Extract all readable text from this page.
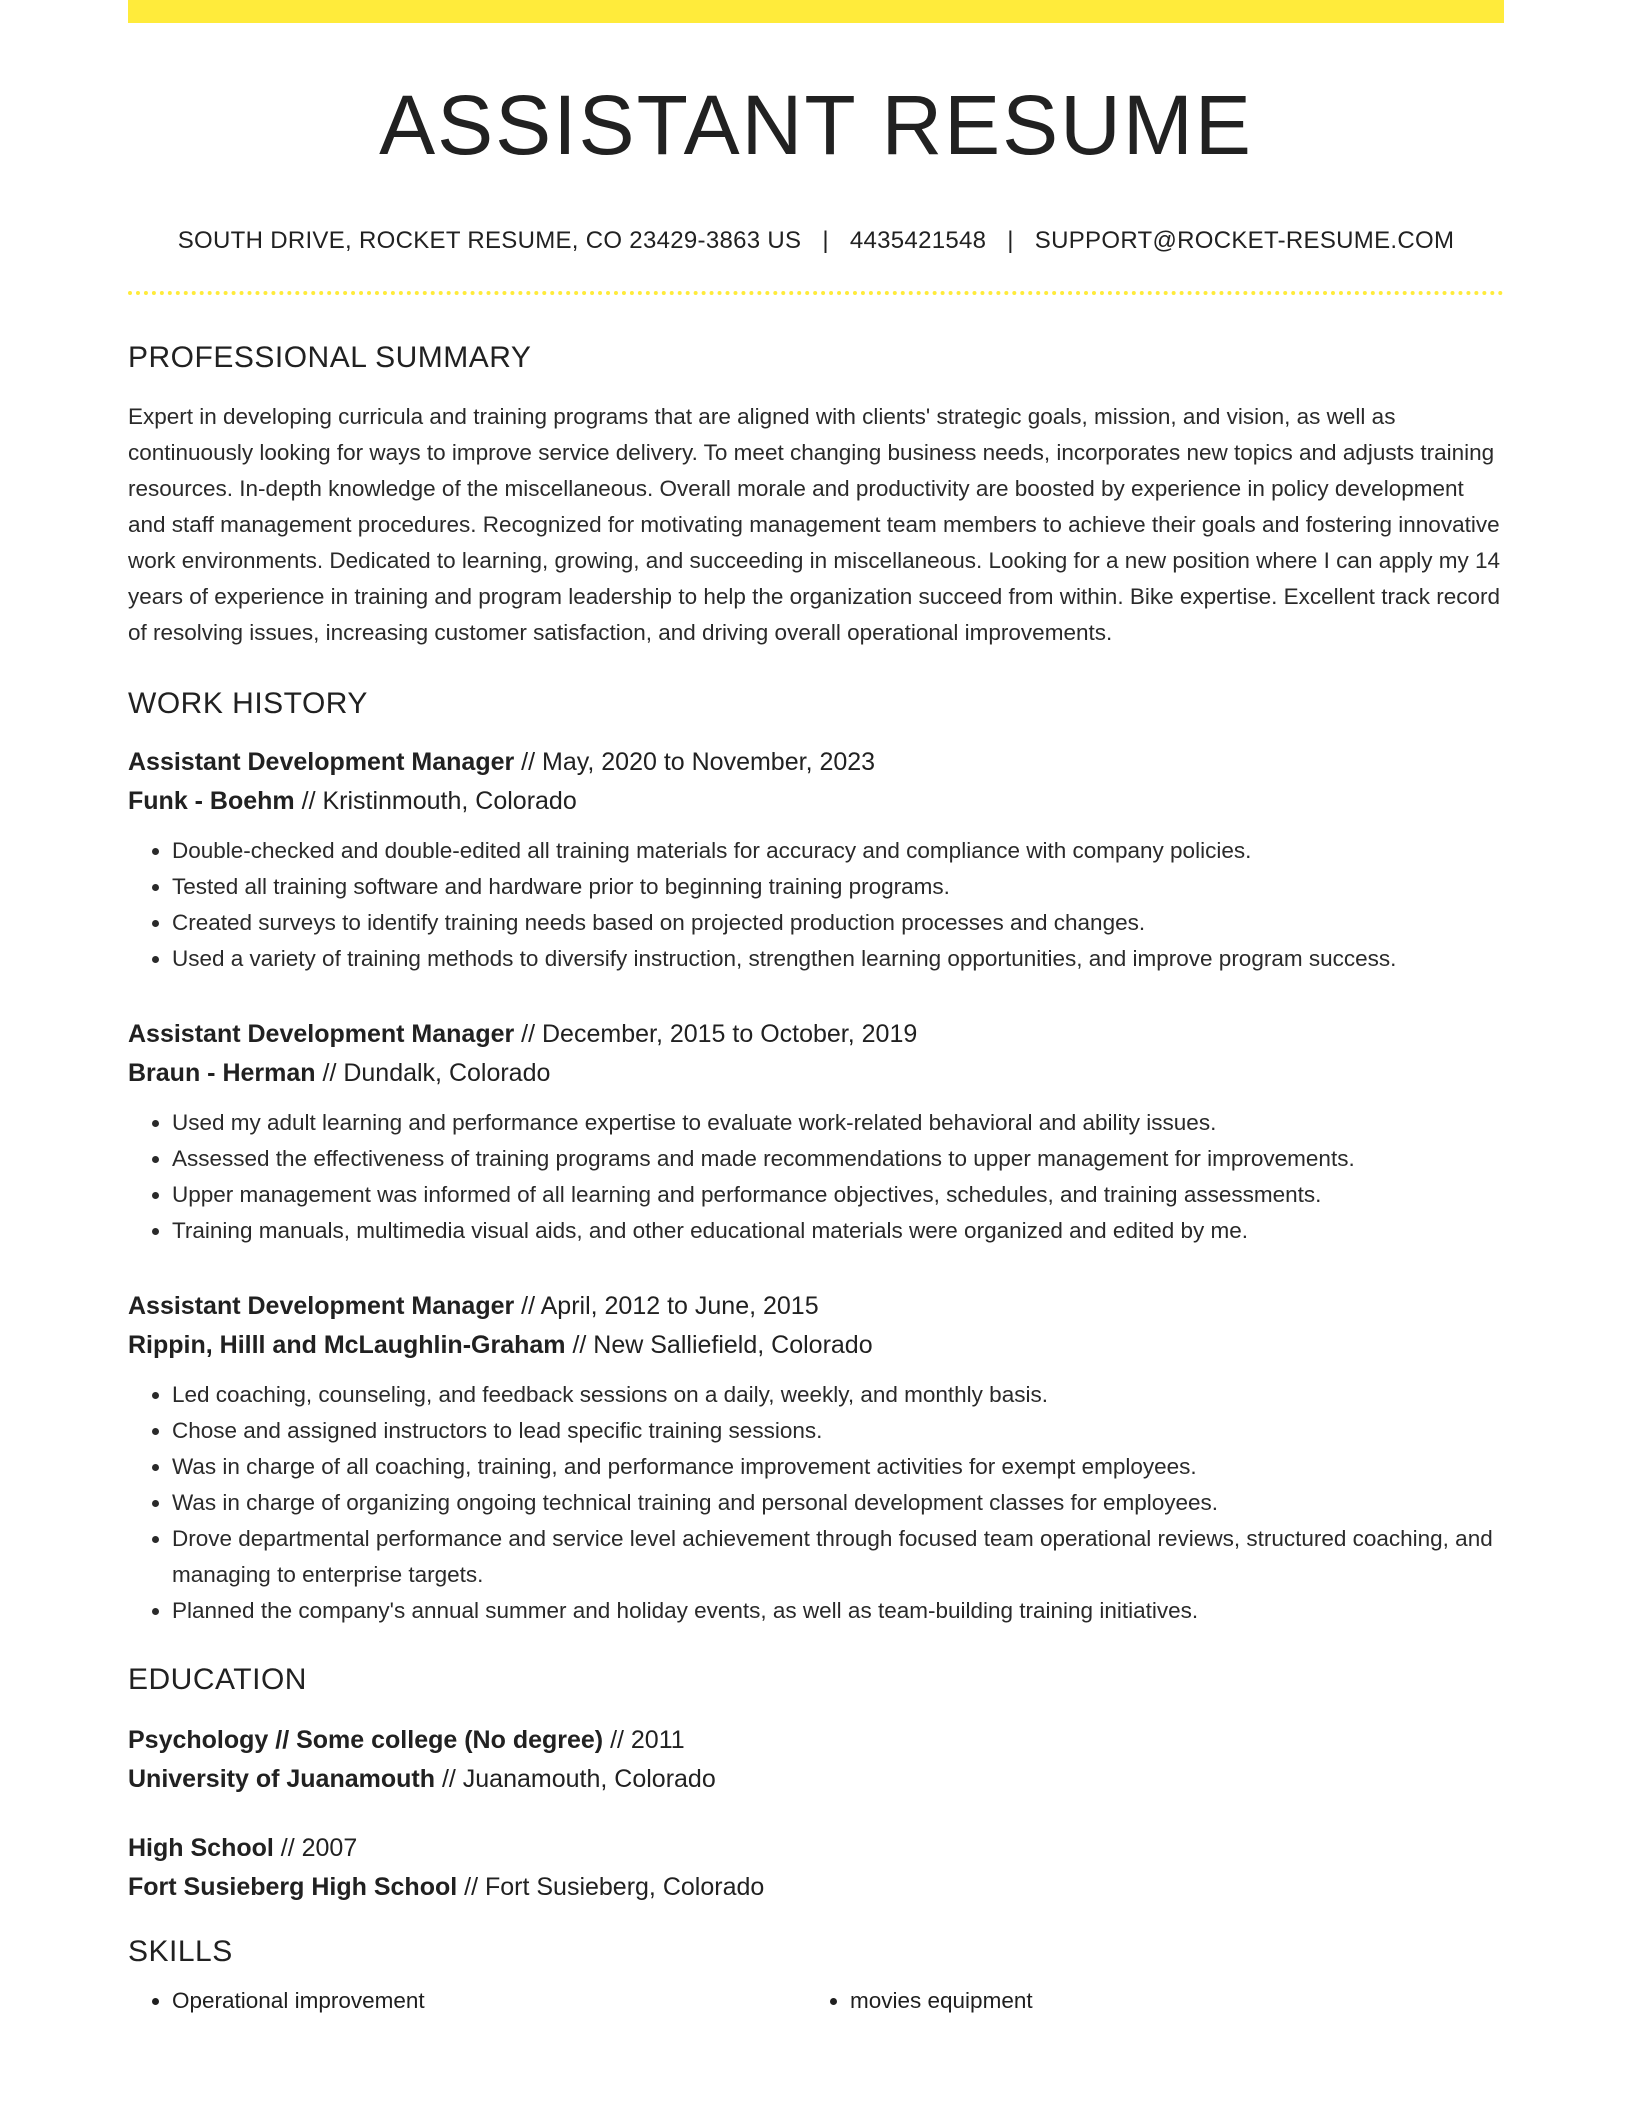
ASSISTANT RESUME
SOUTH DRIVE, ROCKET RESUME, CO 23429-3863 US | 4435421548 | SUPPORT@ROCKET-RESUME.COM
PROFESSIONAL SUMMARY
Expert in developing curricula and training programs that are aligned with clients' strategic goals, mission, and vision, as well as continuously looking for ways to improve service delivery. To meet changing business needs, incorporates new topics and adjusts training resources. In-depth knowledge of the miscellaneous. Overall morale and productivity are boosted by experience in policy development and staff management procedures. Recognized for motivating management team members to achieve their goals and fostering innovative work environments. Dedicated to learning, growing, and succeeding in miscellaneous. Looking for a new position where I can apply my 14 years of experience in training and program leadership to help the organization succeed from within. Bike expertise. Excellent track record of resolving issues, increasing customer satisfaction, and driving overall operational improvements.
WORK HISTORY
Assistant Development Manager // May, 2020 to November, 2023
Funk - Boehm // Kristinmouth, Colorado
• Double-checked and double-edited all training materials for accuracy and compliance with company policies.
• Tested all training software and hardware prior to beginning training programs.
• Created surveys to identify training needs based on projected production processes and changes.
• Used a variety of training methods to diversify instruction, strengthen learning opportunities, and improve program success.
Assistant Development Manager // December, 2015 to October, 2019
Braun - Herman // Dundalk, Colorado
• Used my adult learning and performance expertise to evaluate work-related behavioral and ability issues.
• Assessed the effectiveness of training programs and made recommendations to upper management for improvements.
• Upper management was informed of all learning and performance objectives, schedules, and training assessments.
• Training manuals, multimedia visual aids, and other educational materials were organized and edited by me.
Assistant Development Manager // April, 2012 to June, 2015
Rippin, Hilll and McLaughlin-Graham // New Salliefield, Colorado
• Led coaching, counseling, and feedback sessions on a daily, weekly, and monthly basis.
• Chose and assigned instructors to lead specific training sessions.
• Was in charge of all coaching, training, and performance improvement activities for exempt employees.
• Was in charge of organizing ongoing technical training and personal development classes for employees.
• Drove departmental performance and service level achievement through focused team operational reviews, structured coaching, and managing to enterprise targets.
• Planned the company's annual summer and holiday events, as well as team-building training initiatives.
EDUCATION
Psychology // Some college (No degree) // 2011
University of Juanamouth // Juanamouth, Colorado
High School // 2007
Fort Susieberg High School // Fort Susieberg, Colorado
SKILLS
• Operational improvement
•	movies equipment
